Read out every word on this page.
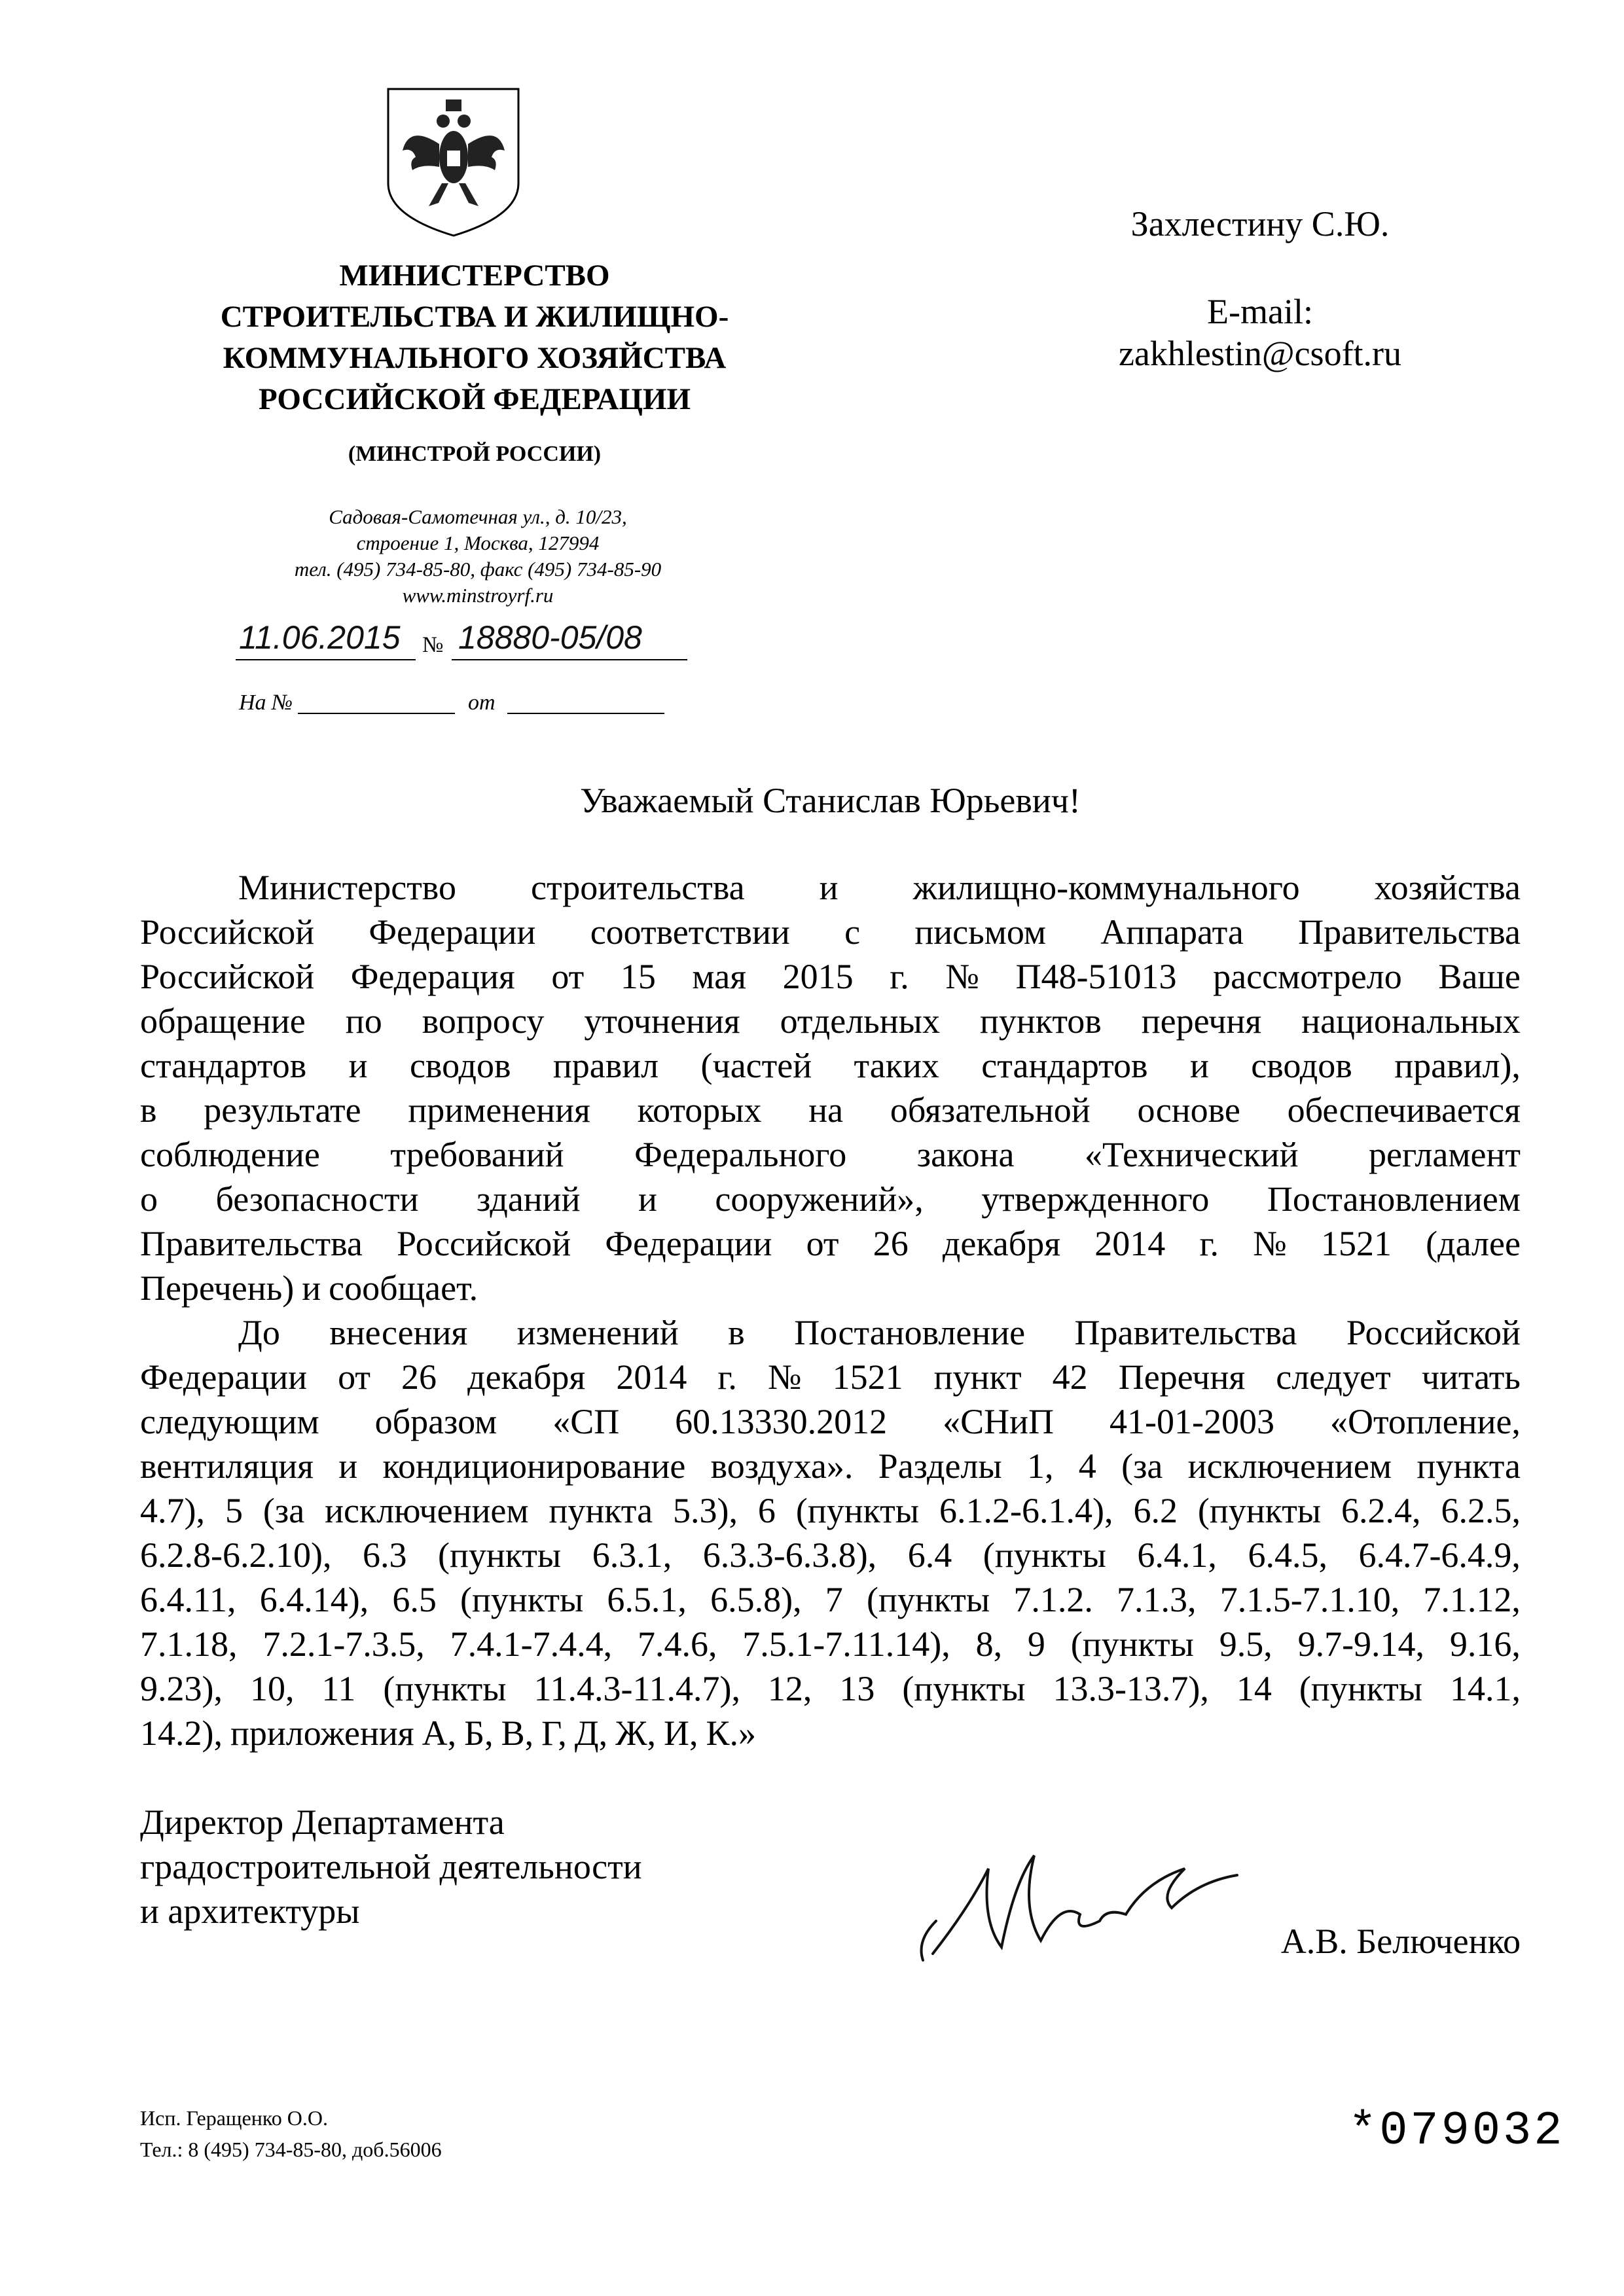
МИНИСТЕРСТВО
СТРОИТЕЛЬСТВА И ЖИЛИЩНО-
КОММУНАЛЬНОГО ХОЗЯЙСТВА
РОССИЙСКОЙ ФЕДЕРАЦИИ
(МИНСТРОЙ РОССИИ)
Садовая-Самотечная ул., д. 10/23,
строение 1, Москва, 127994
тел. (495) 734-85-80, факс (495) 734-85-90
www.minstroyrf.ru
11.06.2015 № 18880-05/08
На №	от
Захлестину С.Ю.
E-mail:
zakhlestin@csoft.ru
Уважаемый Станислав Юрьевич!
Министерство строительства и жилищно-коммунального хозяйства
Российской Федерации соответствии с письмом Аппарата Правительства
Российской Федерация от 15 мая 2015 г. № П48-51013 рассмотрело Ваше
обращение по вопросу уточнения отдельных пунктов перечня национальных
стандартов и сводов правил (частей таких стандартов и сводов правил),
в результате применения которых на обязательной основе обеспечивается
соблюдение требований Федерального закона «Технический регламент
о безопасности зданий и сооружений», утвержденного Постановлением
Правительства Российской Федерации от 26 декабря 2014 г. № 1521 (далее
Перечень) и сообщает.
До внесения изменений в Постановление Правительства Российской
Федерации от 26 декабря 2014 г. № 1521 пункт 42 Перечня следует читать
следующим образом «СП 60.13330.2012 «СНиП 41-01-2003 «Отопление,
вентиляция и кондиционирование воздуха». Разделы 1, 4 (за исключением пункта
4.7), 5 (за исключением пункта 5.3), 6 (пункты 6.1.2-6.1.4), 6.2 (пункты 6.2.4, 6.2.5,
6.2.8-6.2.10), 6.3 (пункты 6.3.1, 6.3.3-6.3.8), 6.4 (пункты 6.4.1, 6.4.5, 6.4.7-6.4.9,
6.4.11, 6.4.14), 6.5 (пункты 6.5.1, 6.5.8), 7 (пункты 7.1.2. 7.1.3, 7.1.5-7.1.10, 7.1.12,
7.1.18, 7.2.1-7.3.5, 7.4.1-7.4.4, 7.4.6, 7.5.1-7.11.14), 8, 9 (пункты 9.5, 9.7-9.14, 9.16,
9.23), 10, 11 (пункты 11.4.3-11.4.7), 12, 13 (пункты 13.3-13.7), 14 (пункты 14.1,
14.2), приложения А, Б, В, Г, Д, Ж, И, К.»
Директор Департамента
градостроительной деятельности
и архитектуры
А.В. Белюченко
Исп. Геращенко О.О.
Тел.: 8 (495) 734-85-80, доб.56006	*079032
